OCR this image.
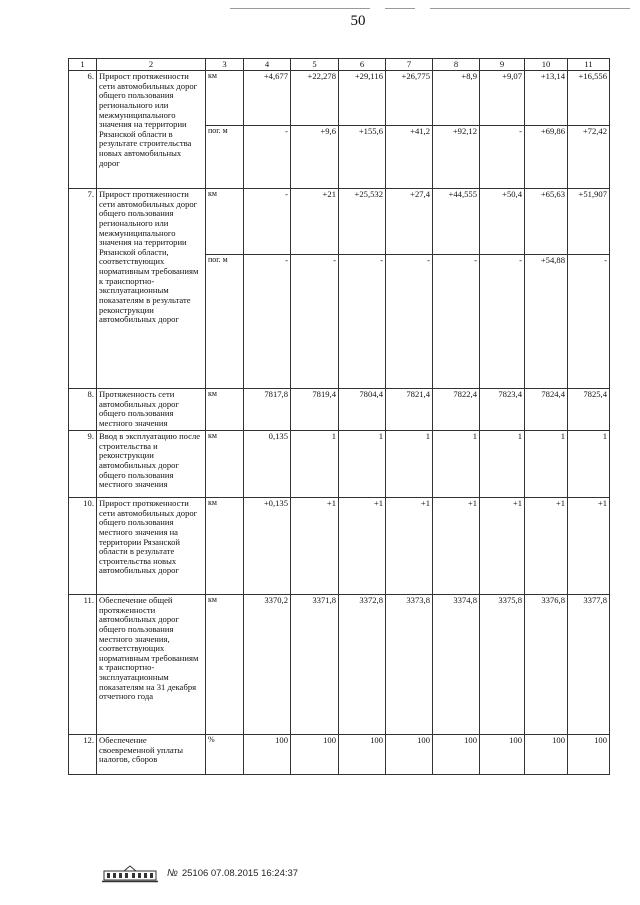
50
1	2	3	4	5	6	7	8	9	10	11
6.	Прирост протяженности сети автомобильных дорог общего пользования регионального или межмуниципального значения на территории Рязанской области в результате строительства новых автомобильных дорог	км	+4,677	+22,278	+29,116	+26,775	+8,9	+9,07	+13,14	+16,556
		пог. м	-	+9,6	+155,6	+41,2	+92,12	-	+69,86	+72,42
7.	Прирост протяженности сети автомобильных дорог общего пользования регионального или межмуниципального значения на территории Рязанской области, соответствующих нормативным требованиям к транспортно-эксплуатационным показателям в результате реконструкции автомобильных дорог	км	-	+21	+25,532	+27,4	+44,555	+50,4	+65,63	+51,907
		пог. м	-	-	-	-	-	-	+54,88	-
8.	Протяженность сети автомобильных дорог общего пользования местного значения	км	7817,8	7819,4	7804,4	7821,4	7822,4	7823,4	7824,4	7825,4
9.	Ввод в эксплуатацию после строительства и реконструкции автомобильных дорог общего пользования местного значения	км	0,135	1	1	1	1	1	1	1
10.	Прирост протяженности сети автомобильных дорог общего пользования местного значения на территории Рязанской области в результате строительства новых автомобильных дорог	км	+0,135	+1	+1	+1	+1	+1	+1	+1
11.	Обеспечение общей протяженности автомобильных дорог общего пользования местного значения, соответствующих нормативным требованиям к транспортно-эксплуатационным показателям на 31 декабря отчетного года	км	3370,2	3371,8	3372,8	3373,8	3374,8	3375,8	3376,8	3377,8
12.	Обеспечение своевременной уплаты налогов, сборов	%	100	100	100	100	100	100	100	100
№ 25106 07.08.2015 16:24:37
